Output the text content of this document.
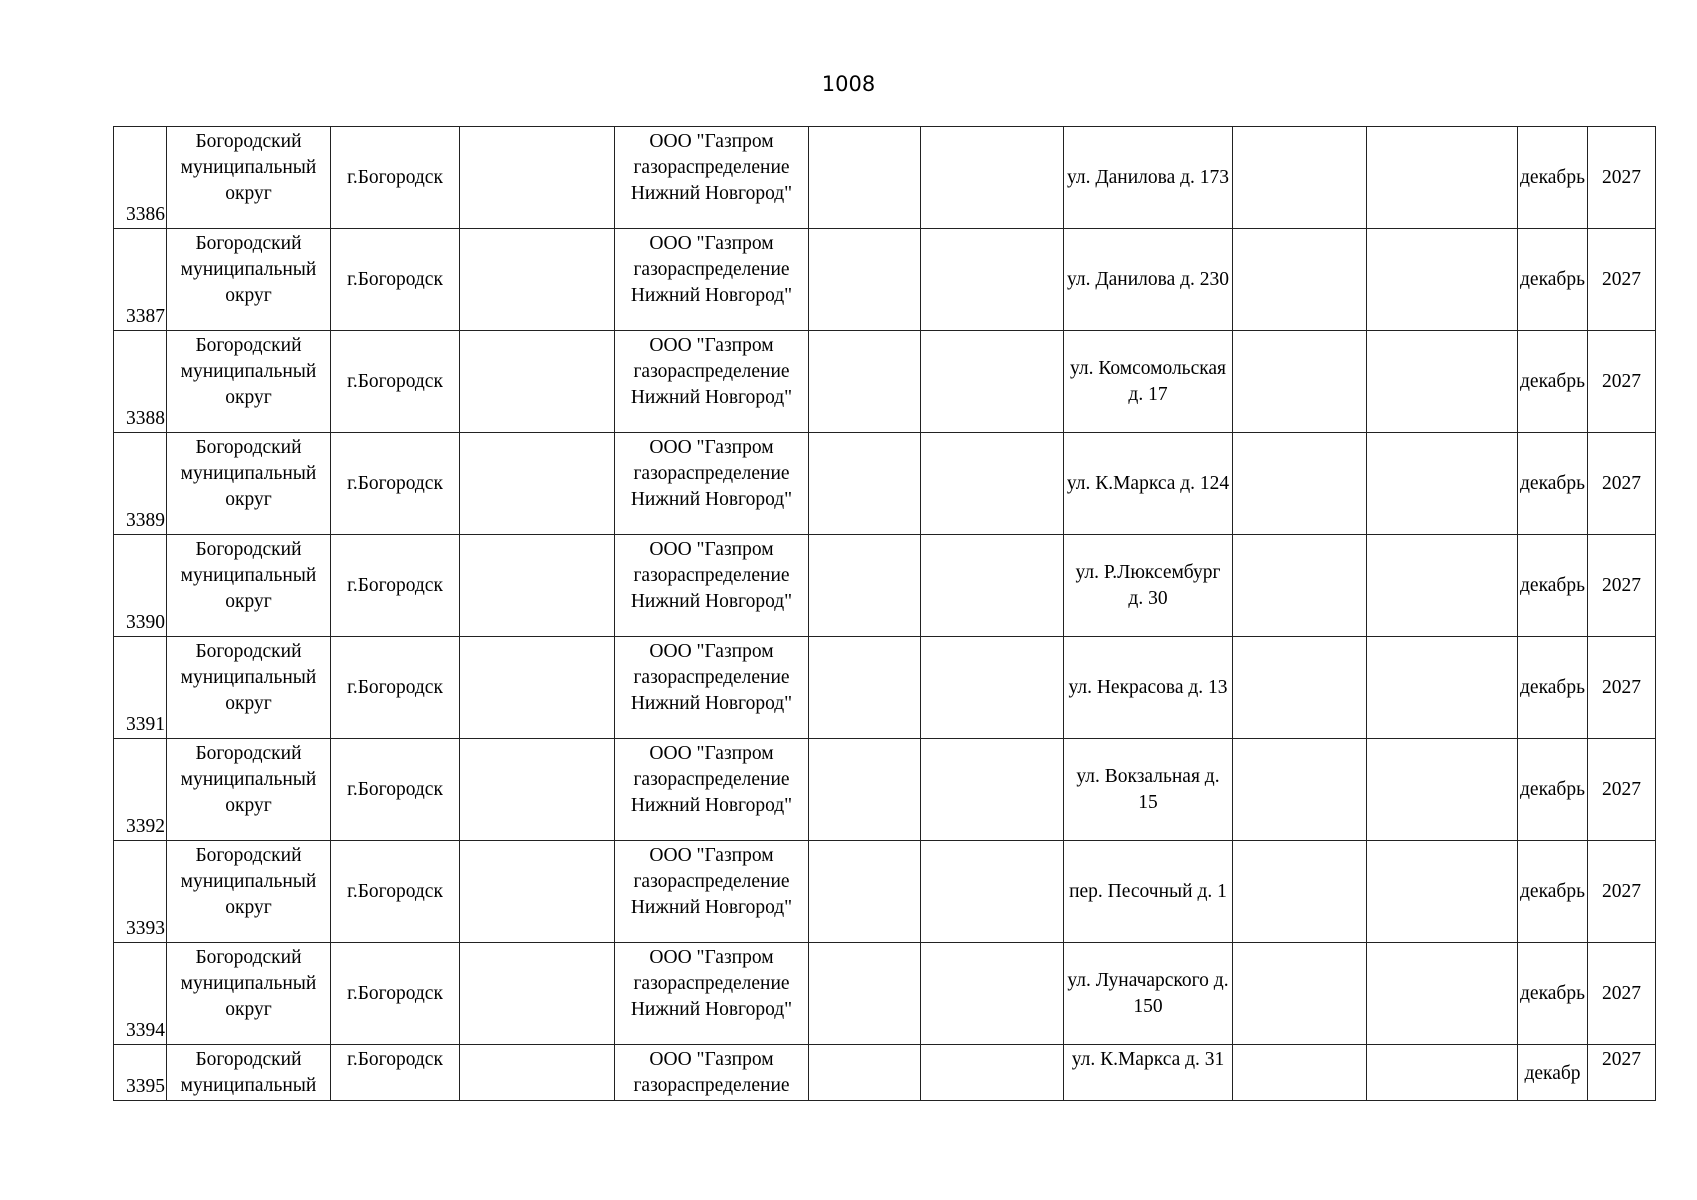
1008
3386	Богородский муниципальный округ	г.Богородск		ООО "Газпром газораспределение Нижний Новгород"			ул. Данилова д. 173			декабрь	2027
3387	Богородский муниципальный округ	г.Богородск		ООО "Газпром газораспределение Нижний Новгород"			ул. Данилова д. 230			декабрь	2027
3388	Богородский муниципальный округ	г.Богородск		ООО "Газпром газораспределение Нижний Новгород"			ул. Комсомольская д. 17			декабрь	2027
3389	Богородский муниципальный округ	г.Богородск		ООО "Газпром газораспределение Нижний Новгород"			ул. К.Маркса д. 124			декабрь	2027
3390	Богородский муниципальный округ	г.Богородск		ООО "Газпром газораспределение Нижний Новгород"			ул. Р.Люксембург д. 30			декабрь	2027
3391	Богородский муниципальный округ	г.Богородск		ООО "Газпром газораспределение Нижний Новгород"			ул. Некрасова д. 13			декабрь	2027
3392	Богородский муниципальный округ	г.Богородск		ООО "Газпром газораспределение Нижний Новгород"			ул. Вокзальная д. 15			декабрь	2027
3393	Богородский муниципальный округ	г.Богородск		ООО "Газпром газораспределение Нижний Новгород"			пер. Песочный д. 1			декабрь	2027
3394	Богородский муниципальный округ	г.Богородск		ООО "Газпром газораспределение Нижний Новгород"			ул. Луначарского д. 150			декабрь	2027
3395	Богородский муниципальный	г.Богородск		ООО "Газпром газораспределение			ул. К.Маркса д. 31			декабр	2027
